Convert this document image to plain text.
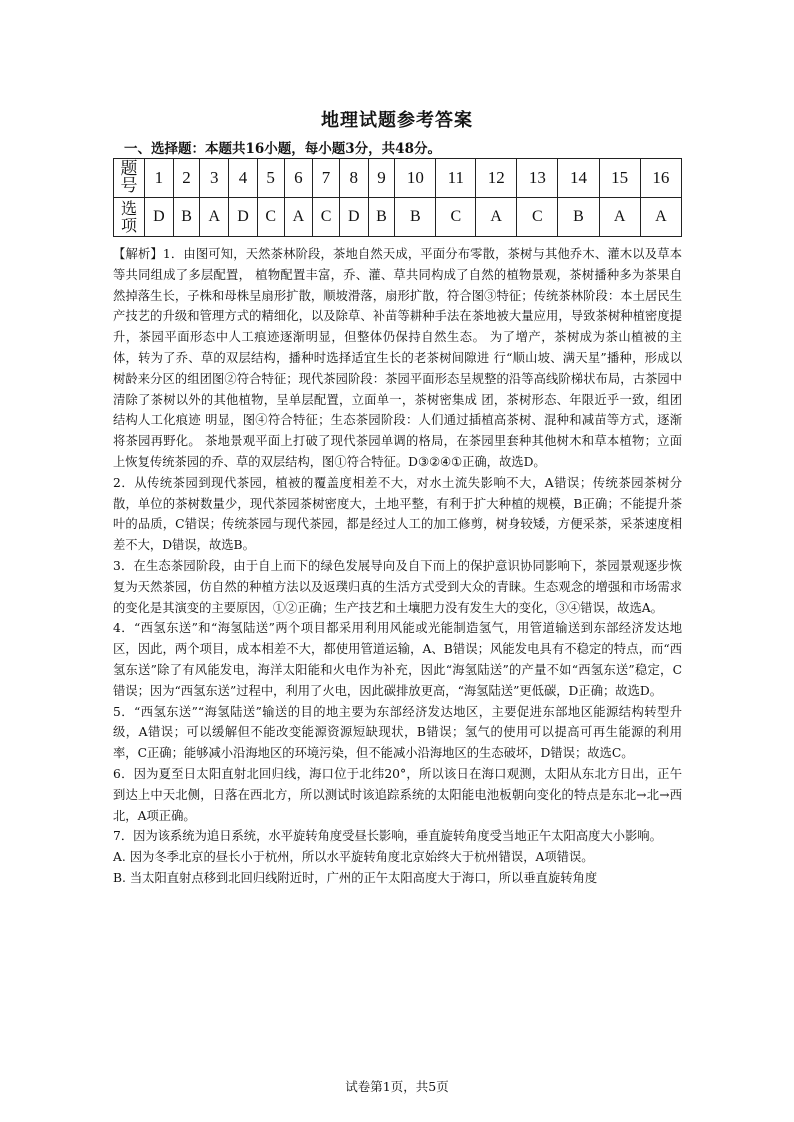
地理试题参考答案
一、选择题：本题共16小题，每小题3分，共48分。
题
号	1	2	3	4	5	6	7	8	9	10	11	12	13	14	15	16
选
项	D	B	A	D	C	A	C	D	B	B	C	A	C	B	A	A

【解析】1．由图可知，天然茶林阶段，茶地自然天成，平面分布零散，茶树与其他乔木、灌木以及草本等共同组成了多层配置， 植物配置丰富，乔、灌、草共同构成了自然的植物景观，茶树播种多为茶果自然掉落生长，子株和母株呈扇形扩散，顺坡滑落，扇形扩散，符合图③特征；传统茶林阶段：本土居民生产技艺的升级和管理方式的精细化，以及除草、补苗等耕种手法在茶地被大量应用，导致茶树种植密度提升，茶园平面形态中人工痕迹逐渐明显，但整体仍保持自然生态。 为了增产，茶树成为茶山植被的主体，转为了乔、草的双层结构，播种时选择适宜生长的老茶树间隙进 行“顺山坡、满天星”播种，形成以树龄来分区的组团图②符合特征；现代茶园阶段：茶园平面形态呈规整的沿等高线阶梯状布局，古茶园中清除了茶树以外的其他植物，呈单层配置，立面单一，茶树密集成 团，茶树形态、年限近乎一致，组团结构人工化痕迹 明显，图④符合特征；生态茶园阶段：人们通过插植高茶树、混种和减苗等方式，逐渐将茶园再野化。 茶地景观平面上打破了现代茶园单调的格局，在茶园里套种其他树木和草本植物；立面上恢复传统茶园的乔、草的双层结构，图①符合特征。D③②④①正确，故选D。

2．从传统茶园到现代茶园，植被的覆盖度相差不大，对水土流失影响不大，A错误；传统茶园茶树分散，单位的茶树数量少，现代茶园茶树密度大，土地平整，有利于扩大种植的规模，B正确；不能提升茶叶的品质，C错误；传统茶园与现代茶园，都是经过人工的加工修剪，树身较矮，方便采茶，采茶速度相差不大，D错误，故选B。

3．在生态茶园阶段，由于自上而下的绿色发展导向及自下而上的保护意识协同影响下，茶园景观逐步恢复为天然茶园，仿自然的种植方法以及返璞归真的生活方式受到大众的青睐。生态观念的增强和市场需求的变化是其演变的主要原因，①②正确；生产技艺和土壤肥力没有发生大的变化，③④错误，故选A。

4．“西氢东送”和“海氢陆送”两个项目都采用利用风能或光能制造氢气，用管道输送到东部经济发达地区，因此，两个项目，成本相差不大，都使用管道运输，A、B错误；风能发电具有不稳定的特点，而“西氢东送”除了有风能发电，海洋太阳能和火电作为补充，因此“海氢陆送”的产量不如“西氢东送”稳定，C错误；因为“西氢东送”过程中，利用了火电，因此碳排放更高，“海氢陆送”更低碳，D正确；故选D。

5．“西氢东送”“海氢陆送”输送的目的地主要为东部经济发达地区，主要促进东部地区能源结构转型升级，A错误；可以缓解但不能改变能源资源短缺现状，B错误；氢气的使用可以提高可再生能源的利用率，C正确；能够减小沿海地区的环境污染，但不能减小沿海地区的生态破坏，D错误；故选C。

6．因为夏至日太阳直射北回归线，海口位于北纬20°，所以该日在海口观测，太阳从东北方日出，正午到达上中天北侧，日落在西北方，所以测试时该追踪系统的太阳能电池板朝向变化的特点是东北→北→西北，A项正确。

7．因为该系统为追日系统，水平旋转角度受昼长影响，垂直旋转角度受当地正午太阳高度大小影响。

A. 因为冬季北京的昼长小于杭州，所以水平旋转角度北京始终大于杭州错误，A项错误。

B. 当太阳直射点移到北回归线附近时，广州的正午太阳高度大于海口，所以垂直旋转角度

试卷第1页，共5页
